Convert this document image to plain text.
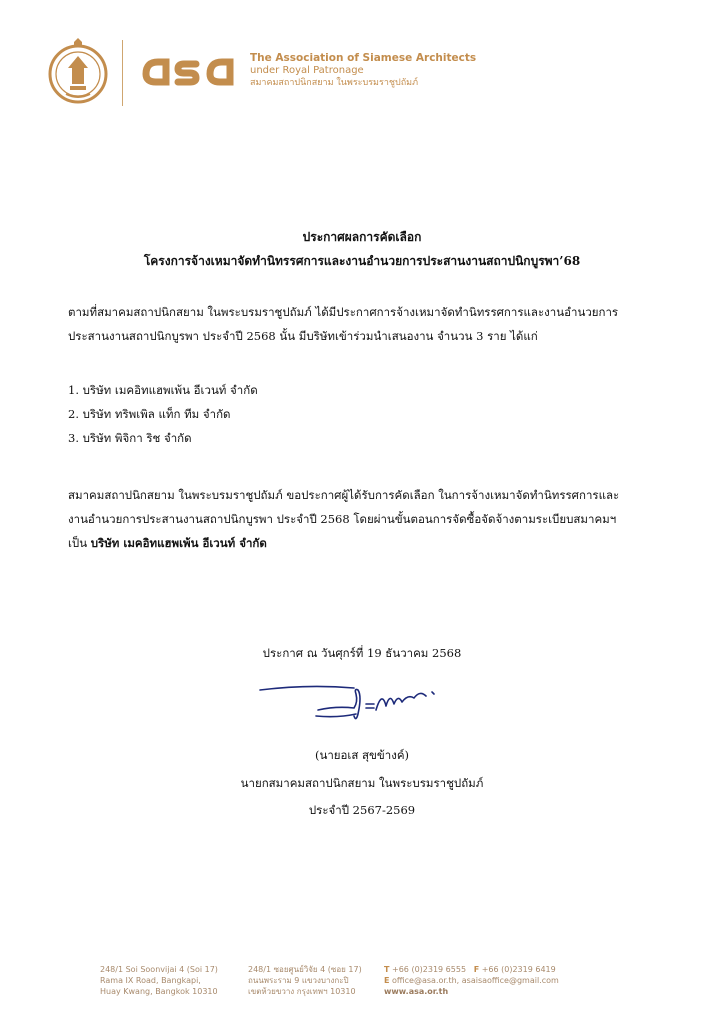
The Association of Siamese Architects
under Royal Patronage
สมาคมสถาปนิกสยาม ในพระบรมราชูปถัมภ์
ประกาศผลการคัดเลือก
โครงการจ้างเหมาจัดทำนิทรรศการและงานอำนวยการประสานงานสถาปนิกบูรพา’68
ตามที่สมาคมสถาปนิกสยาม ในพระบรมราชูปถัมภ์ ได้มีประกาศการจ้างเหมาจัดทำนิทรรศการและงานอำนวยการ
ประสานงานสถาปนิกบูรพา ประจำปี 2568 นั้น มีบริษัทเข้าร่วมนำเสนองาน จำนวน 3 ราย ได้แก่
1. บริษัท เมคอิทแฮพเพ้น อีเวนท์ จำกัด
2. บริษัท ทริพเพิล แท็ก ทีม จำกัด
3. บริษัท พิจิกา ริช จำกัด
สมาคมสถาปนิกสยาม ในพระบรมราชูปถัมภ์ ขอประกาศผู้ได้รับการคัดเลือก ในการจ้างเหมาจัดทำนิทรรศการและ
งานอำนวยการประสานงานสถาปนิกบูรพา ประจำปี 2568 โดยผ่านขั้นตอนการจัดซื้อจัดจ้างตามระเบียบสมาคมฯ
เป็น บริษัท เมคอิทแฮพเพ้น อีเวนท์ จำกัด
ประกาศ ณ วันศุกร์ที่ 19 ธันวาคม 2568
(นายอเส สุขข้างค์)
นายกสมาคมสถาปนิกสยาม ในพระบรมราชูปถัมภ์
ประจำปี 2567-2569
248/1 Soi Soonvijai 4 (Soi 17)
Rama IX Road, Bangkapi,
Huay Kwang, Bangkok 10310
248/1 ซอยศูนย์วิจัย 4 (ซอย 17)
ถนนพระราม 9 แขวงบางกะปิ
เขตห้วยขวาง กรุงเทพฯ 10310
T +66 (0)2319 6555 F +66 (0)2319 6419
E office@asa.or.th, asaisaoffice@gmail.com
www.asa.or.th
